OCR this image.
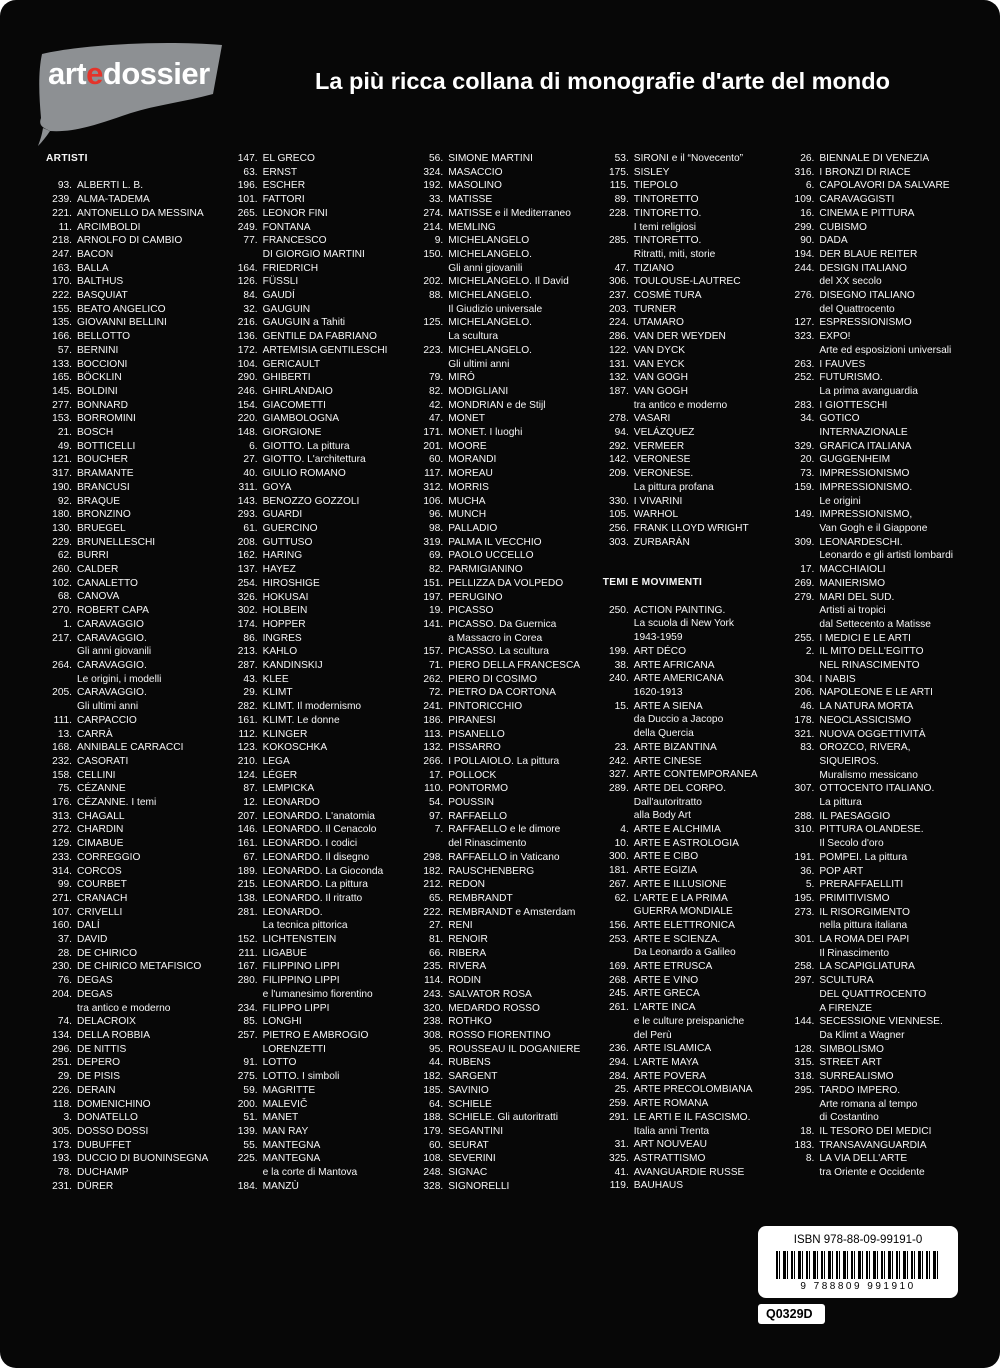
artedossier	La più ricca collana di monografie d'arte del mondo
ARTISTI
93. ALBERTI L. B.
239. ALMA-TADEMA
221. ANTONELLO DA MESSINA
11. ARCIMBOLDI
218. ARNOLFO DI CAMBIO
247. BACON
163. BALLA
170. BALTHUS
222. BASQUIAT
155. BEATO ANGELICO
135. GIOVANNI BELLINI
166. BELLOTTO
57. BERNINI
133. BOCCIONI
165. BÖCKLIN
145. BOLDINI
277. BONNARD
153. BORROMINI
21. BOSCH
49. BOTTICELLI
121. BOUCHER
317. BRAMANTE
190. BRANCUSI
92. BRAQUE
180. BRONZINO
130. BRUEGEL
229. BRUNELLESCHI
62. BURRI
260. CALDER
102. CANALETTO
68. CANOVA
270. ROBERT CAPA
1. CARAVAGGIO
217. CARAVAGGIO.
Gli anni giovanili
264. CARAVAGGIO.
Le origini, i modelli
205. CARAVAGGIO.
Gli ultimi anni
111. CARPACCIO
13. CARRÀ
168. ANNIBALE CARRACCI
232. CASORATI
158. CELLINI
75. CÉZANNE
176. CÉZANNE. I temi
313. CHAGALL
272. CHARDIN
129. CIMABUE
233. CORREGGIO
314. CORCOS
99. COURBET
271. CRANACH
107. CRIVELLI
160. DALÍ
37. DAVID
28. DE CHIRICO
230. DE CHIRICO METAFISICO
76. DEGAS
204. DEGAS
tra antico e moderno
74. DELACROIX
134. DELLA ROBBIA
296. DE NITTIS
251. DEPERO
29. DE PISIS
226. DERAIN
118. DOMENICHINO
3. DONATELLO
305. DOSSO DOSSI
173. DUBUFFET
193. DUCCIO DI BUONINSEGNA
78. DUCHAMP
231. DÜRER
147. EL GRECO
63. ERNST
196. ESCHER
101. FATTORI
265. LEONOR FINI
249. FONTANA
77. FRANCESCO
DI GIORGIO MARTINI
164. FRIEDRICH
126. FÜSSLI
84. GAUDÍ
32. GAUGUIN
216. GAUGUIN a Tahiti
136. GENTILE DA FABRIANO
172. ARTEMISIA GENTILESCHI
104. GERICAULT
290. GHIBERTI
246. GHIRLANDAIO
154. GIACOMETTI
220. GIAMBOLOGNA
148. GIORGIONE
6. GIOTTO. La pittura
27. GIOTTO. L'architettura
40. GIULIO ROMANO
311. GOYA
143. BENOZZO GOZZOLI
293. GUARDI
61. GUERCINO
208. GUTTUSO
162. HARING
137. HAYEZ
254. HIROSHIGE
326. HOKUSAI
302. HOLBEIN
174. HOPPER
86. INGRES
213. KAHLO
287. KANDINSKIJ
43. KLEE
29. KLIMT
282. KLIMT. Il modernismo
161. KLIMT. Le donne
112. KLINGER
123. KOKOSCHKA
210. LEGA
124. LÉGER
87. LEMPICKA
12. LEONARDO
207. LEONARDO. L'anatomia
146. LEONARDO. Il Cenacolo
161. LEONARDO. I codici
67. LEONARDO. Il disegno
189. LEONARDO. La Gioconda
215. LEONARDO. La pittura
138. LEONARDO. Il ritratto
281. LEONARDO.
La tecnica pittorica
152. LICHTENSTEIN
211. LIGABUE
167. FILIPPINO LIPPI
280. FILIPPINO LIPPI
e l'umanesimo fiorentino
234. FILIPPO LIPPI
85. LONGHI
257. PIETRO E AMBROGIO
LORENZETTI
91. LOTTO
275. LOTTO. I simboli
59. MAGRITTE
200. MALEVIČ
51. MANET
139. MAN RAY
55. MANTEGNA
225. MANTEGNA
e la corte di Mantova
184. MANZÙ
56. SIMONE MARTINI
324. MASACCIO
192. MASOLINO
33. MATISSE
274. MATISSE e il Mediterraneo
214. MEMLING
9. MICHELANGELO
150. MICHELANGELO.
Gli anni giovanili
202. MICHELANGELO. Il David
88. MICHELANGELO.
Il Giudizio universale
125. MICHELANGELO.
La scultura
223. MICHELANGELO.
Gli ultimi anni
79. MIRÓ
82. MODIGLIANI
42. MONDRIAN e de Stijl
47. MONET
171. MONET. I luoghi
201. MOORE
60. MORANDI
117. MOREAU
312. MORRIS
106. MUCHA
96. MUNCH
98. PALLADIO
319. PALMA IL VECCHIO
69. PAOLO UCCELLO
82. PARMIGIANINO
151. PELLIZZA DA VOLPEDO
197. PERUGINO
19. PICASSO
141. PICASSO. Da Guernica
a Massacro in Corea
157. PICASSO. La scultura
71. PIERO DELLA FRANCESCA
262. PIERO DI COSIMO
72. PIETRO DA CORTONA
241. PINTORICCHIO
186. PIRANESI
113. PISANELLO
132. PISSARRO
266. I POLLAIOLO. La pittura
17. POLLOCK
110. PONTORMO
54. POUSSIN
97. RAFFAELLO
7. RAFFAELLO e le dimore
del Rinascimento
298. RAFFAELLO in Vaticano
182. RAUSCHENBERG
212. REDON
65. REMBRANDT
222. REMBRANDT e Amsterdam
27. RENI
81. RENOIR
66. RIBERA
235. RIVERA
114. RODIN
243. SALVATOR ROSA
320. MEDARDO ROSSO
238. ROTHKO
308. ROSSO FIORENTINO
95. ROUSSEAU IL DOGANIERE
44. RUBENS
182. SARGENT
185. SAVINIO
64. SCHIELE
188. SCHIELE. Gli autoritratti
179. SEGANTINI
60. SEURAT
108. SEVERINI
248. SIGNAC
328. SIGNORELLI
53. SIRONI e il “Novecento”
175. SISLEY
115. TIEPOLO
89. TINTORETTO
228. TINTORETTO.
I temi religiosi
285. TINTORETTO.
Ritratti, miti, storie
47. TIZIANO
306. TOULOUSE-LAUTREC
237. COSMÈ TURA
203. TURNER
224. UTAMARO
286. VAN DER WEYDEN
122. VAN DYCK
131. VAN EYCK
132. VAN GOGH
187. VAN GOGH
tra antico e moderno
278. VASARI
94. VELÁZQUEZ
292. VERMEER
142. VERONESE
209. VERONESE.
La pittura profana
330. I VIVARINI
105. WARHOL
256. FRANK LLOYD WRIGHT
303. ZURBARÁN
TEMI E MOVIMENTI
250. ACTION PAINTING.
La scuola di New York
1943-1959
199. ART DÉCO
38. ARTE AFRICANA
240. ARTE AMERICANA
1620-1913
15. ARTE A SIENA
da Duccio a Jacopo
della Quercia
23. ARTE BIZANTINA
242. ARTE CINESE
327. ARTE CONTEMPORANEA
289. ARTE DEL CORPO.
Dall'autoritratto
alla Body Art
4. ARTE E ALCHIMIA
10. ARTE E ASTROLOGIA
300. ARTE E CIBO
181. ARTE EGIZIA
267. ARTE E ILLUSIONE
62. L'ARTE E LA PRIMA
GUERRA MONDIALE
156. ARTE ELETTRONICA
253. ARTE E SCIENZA.
Da Leonardo a Galileo
169. ARTE ETRUSCA
268. ARTE E VINO
245. ARTE GRECA
261. L'ARTE INCA
e le culture preispaniche
del Perù
236. ARTE ISLAMICA
294. L'ARTE MAYA
284. ARTE POVERA
25. ARTE PRECOLOMBIANA
259. ARTE ROMANA
291. LE ARTI E IL FASCISMO.
Italia anni Trenta
31. ART NOUVEAU
325. ASTRATTISMO
41. AVANGUARDIE RUSSE
119. BAUHAUS
26. BIENNALE DI VENEZIA
316. I BRONZI DI RIACE
6. CAPOLAVORI DA SALVARE
109. CARAVAGGISTI
16. CINEMA E PITTURA
299. CUBISMO
90. DADA
194. DER BLAUE REITER
244. DESIGN ITALIANO
del XX secolo
276. DISEGNO ITALIANO
del Quattrocento
127. ESPRESSIONISMO
323. EXPO!
Arte ed esposizioni universali
263. I FAUVES
252. FUTURISMO.
La prima avanguardia
283. I GIOTTESCHI
34. GOTICO
INTERNAZIONALE
329. GRAFICA ITALIANA
20. GUGGENHEIM
73. IMPRESSIONISMO
159. IMPRESSIONISMO.
Le origini
149. IMPRESSIONISMO,
Van Gogh e il Giappone
309. LEONARDESCHI.
Leonardo e gli artisti lombardi
17. MACCHIAIOLI
269. MANIERISMO
279. MARI DEL SUD.
Artisti ai tropici
dal Settecento a Matisse
255. I MEDICI E LE ARTI
2. IL MITO DELL'EGITTO
NEL RINASCIMENTO
304. I NABIS
206. NAPOLEONE E LE ARTI
46. LA NATURA MORTA
178. NEOCLASSICISMO
321. NUOVA OGGETTIVITÀ
83. OROZCO, RIVERA,
SIQUEIROS.
Muralismo messicano
307. OTTOCENTO ITALIANO.
La pittura
288. IL PAESAGGIO
310. PITTURA OLANDESE.
Il Secolo d'oro
191. POMPEI. La pittura
36. POP ART
5. PRERAFFAELLITI
195. PRIMITIVISMO
273. IL RISORGIMENTO
nella pittura italiana
301. LA ROMA DEI PAPI
Il Rinascimento
258. LA SCAPIGLIATURA
297. SCULTURA
DEL QUATTROCENTO
A FIRENZE
144. SECESSIONE VIENNESE.
Da Klimt a Wagner
128. SIMBOLISMO
315. STREET ART
318. SURREALISMO
295. TARDO IMPERO.
Arte romana al tempo
di Costantino
18. IL TESORO DEI MEDICI
183. TRANSAVANGUARDIA
8. LA VIA DELL'ARTE
tra Oriente e Occidente
ISBN 978-88-09-99191-0
9 788809 991910
Q0329D
